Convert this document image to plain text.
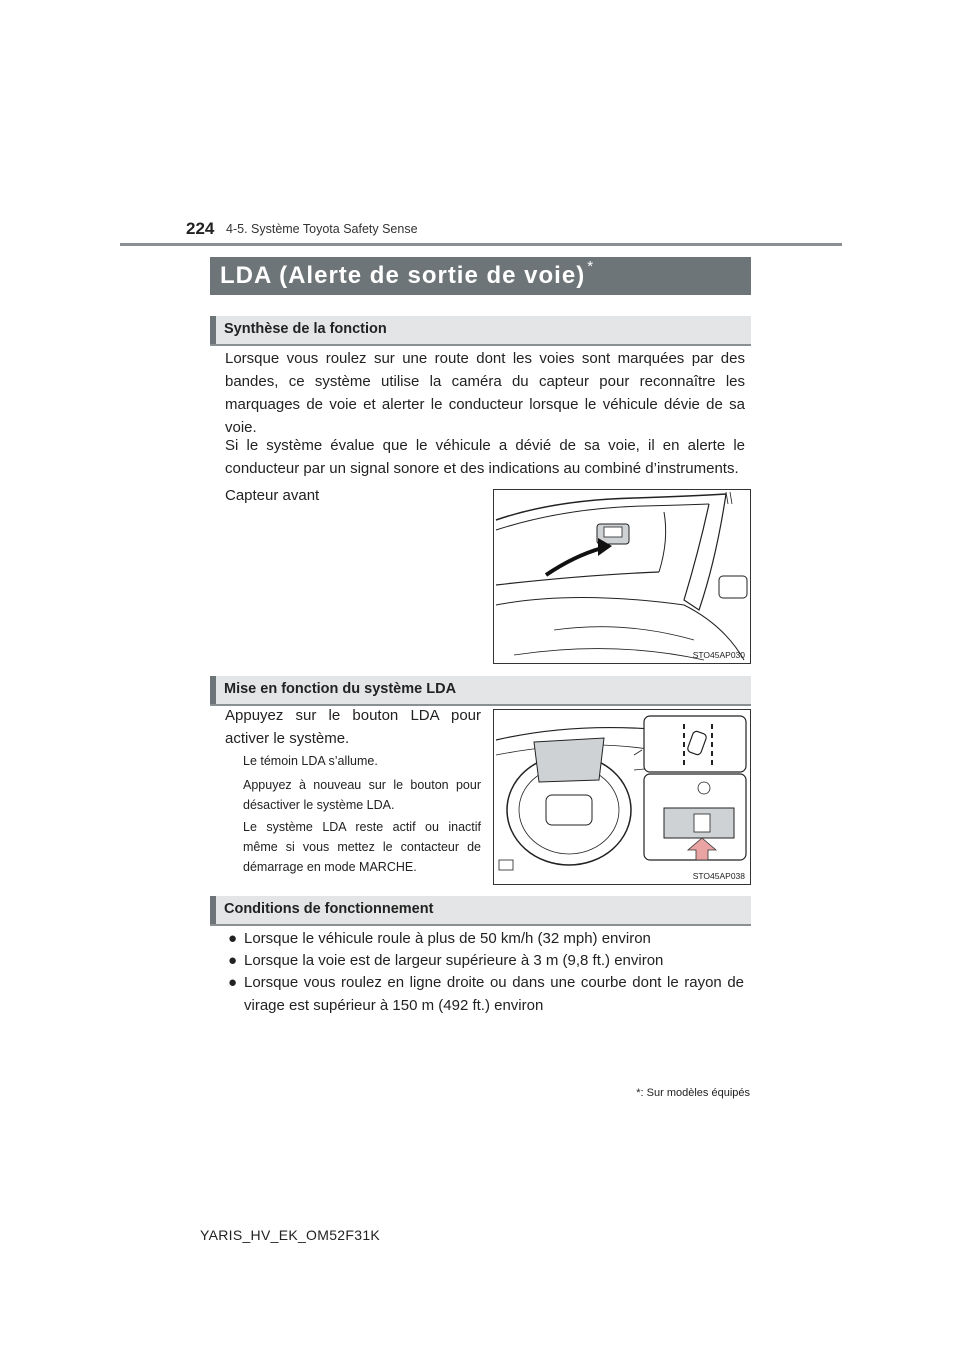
224 4-5. Système Toyota Safety Sense
LDA (Alerte de sortie de voie) *
Synthèse de la fonction
Lorsque vous roulez sur une route dont les voies sont marquées par des bandes, ce système utilise la caméra du capteur pour reconnaître les marquages de voie et alerter le conducteur lorsque le véhicule dévie de sa voie.
Si le système évalue que le véhicule a dévié de sa voie, il en alerte le conducteur par un signal sonore et des indications au combiné d’instruments.
Capteur avant
STO45AP030
Mise en fonction du système LDA
Appuyez sur le bouton LDA pour activer le système.
Le témoin LDA s’allume.
Appuyez à nouveau sur le bouton pour désactiver le système LDA.
Le système LDA reste actif ou inactif même si vous mettez le contacteur de démarrage en mode MARCHE.
STO45AP038
Conditions de fonctionnement
● Lorsque le véhicule roule à plus de 50 km/h (32 mph) environ
● Lorsque la voie est de largeur supérieure à 3 m (9,8 ft.) environ
● Lorsque vous roulez en ligne droite ou dans une courbe dont le rayon de virage est supérieur à 150 m (492 ft.) environ
*: Sur modèles équipés
YARIS_HV_EK_OM52F31K
